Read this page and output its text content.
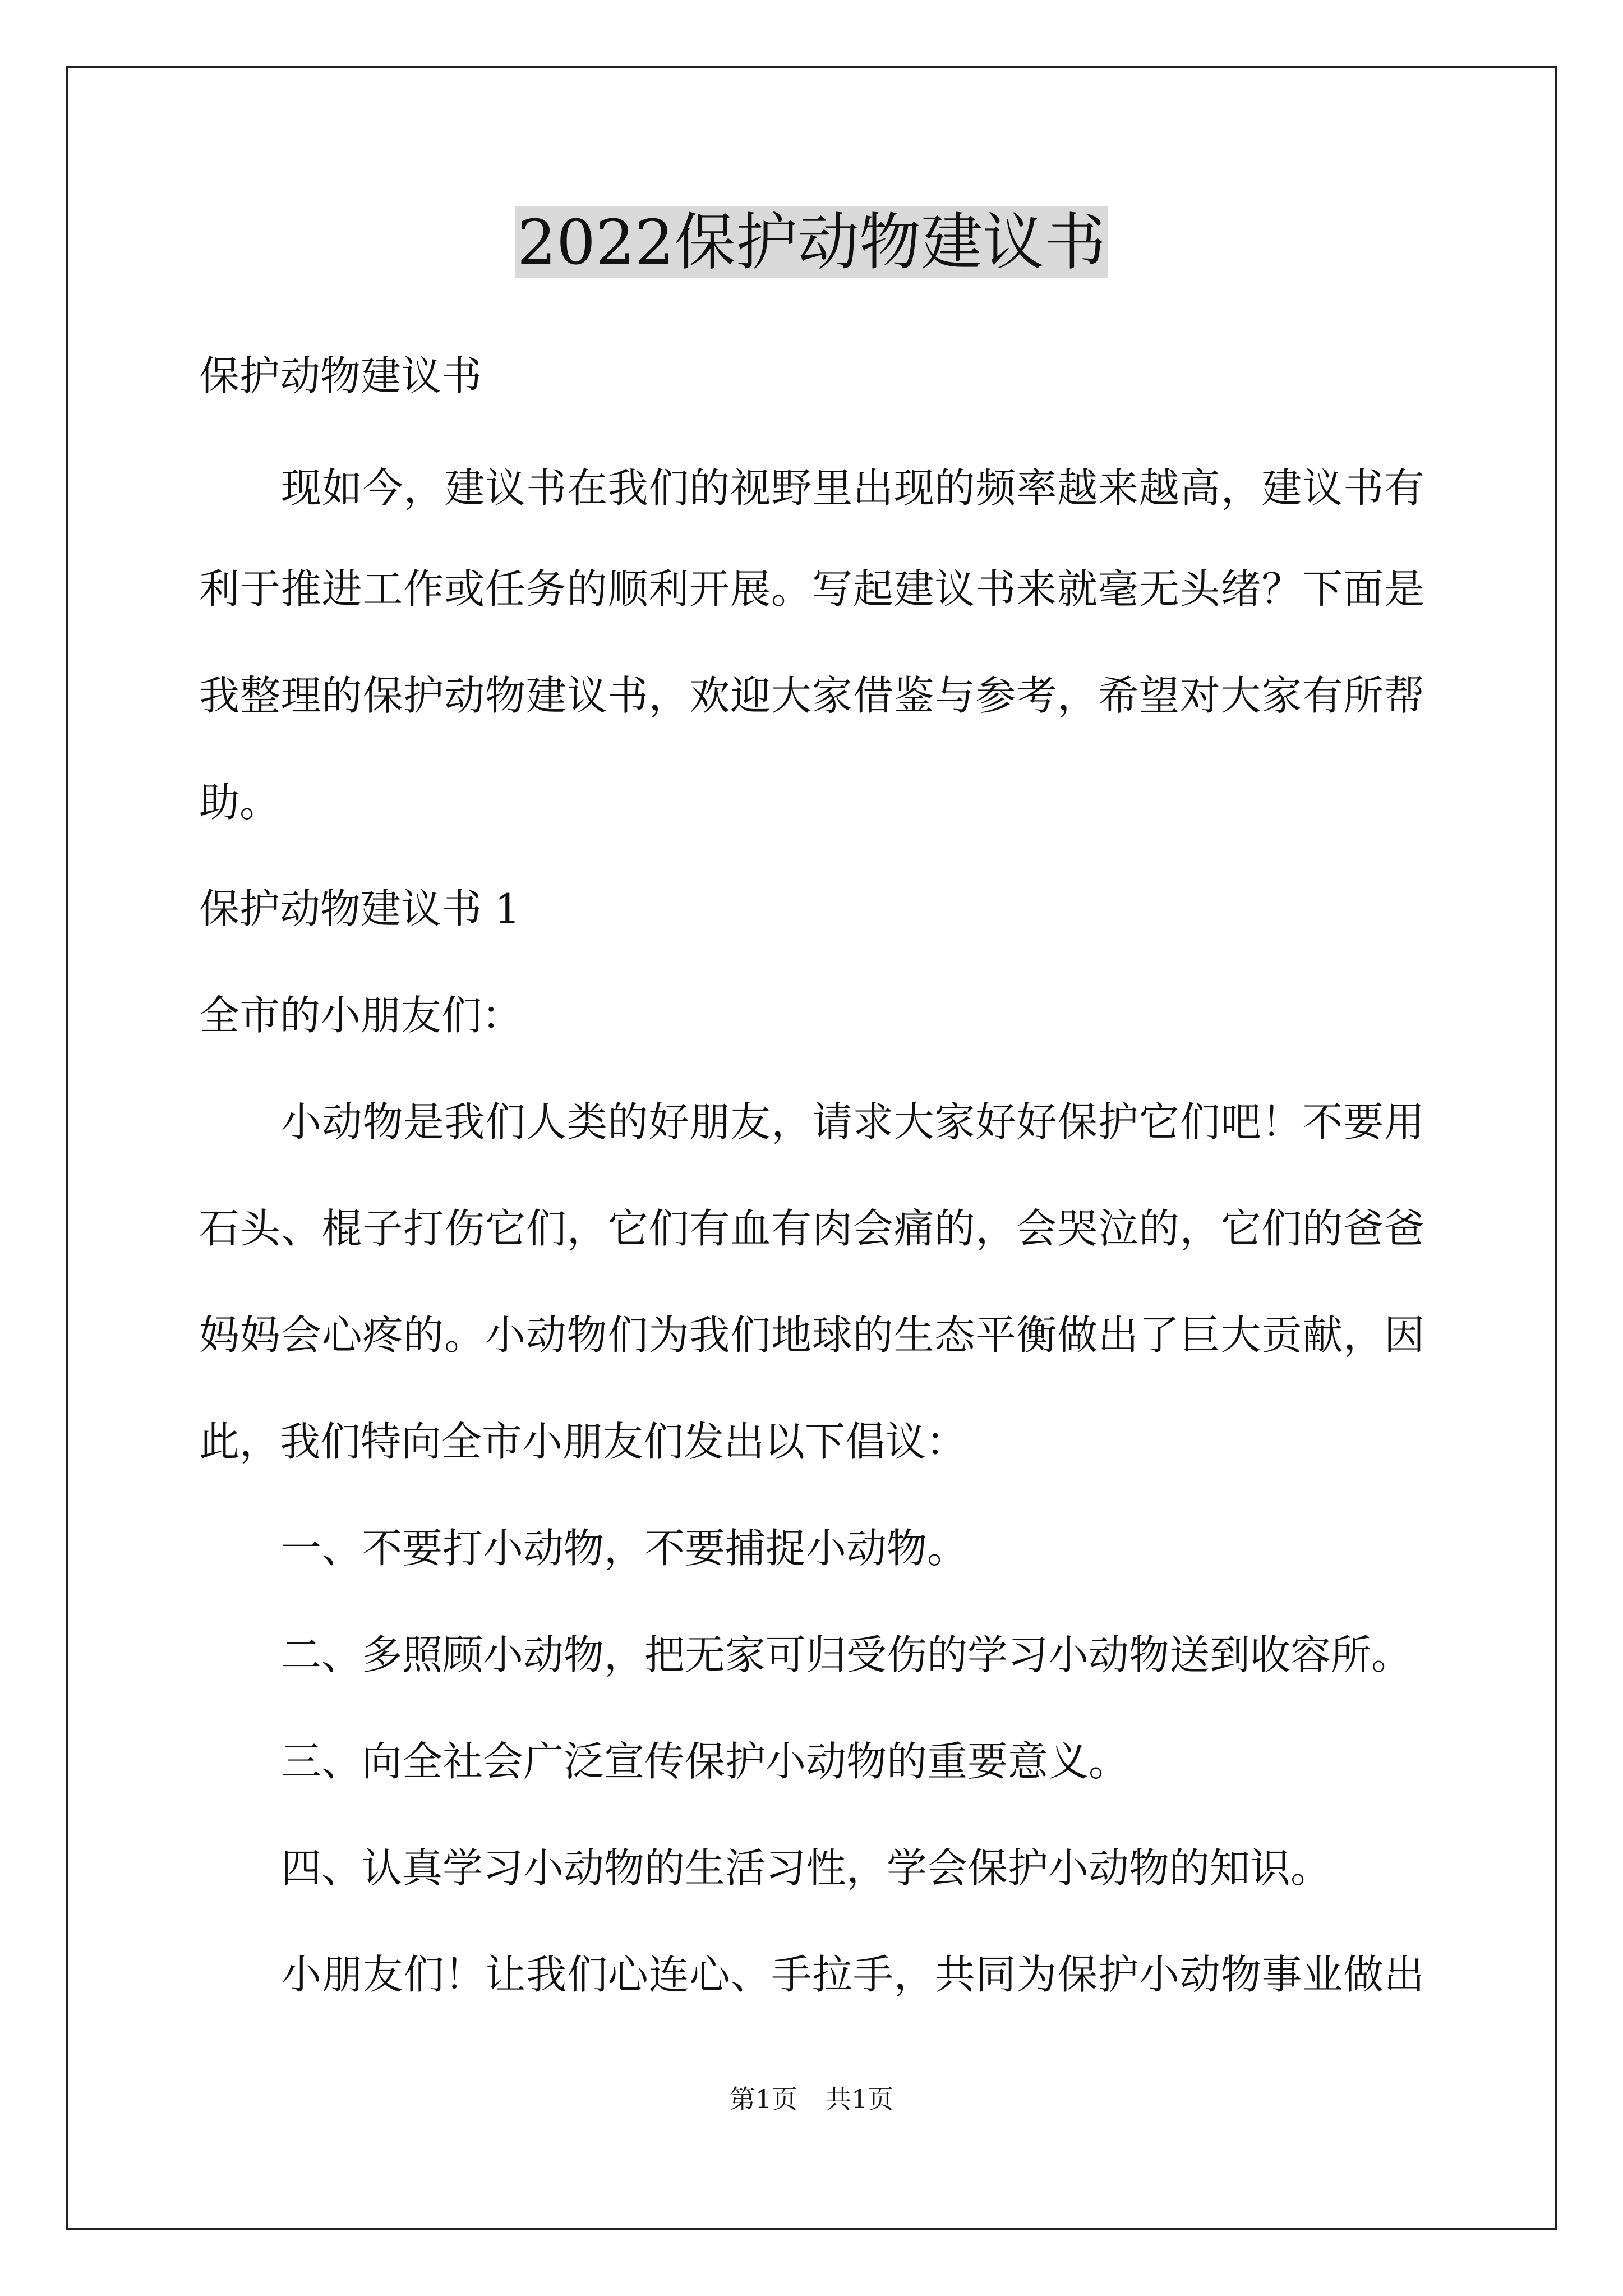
2022保护动物建议书

保护动物建议书

现如今，建议书在我们的视野里出现的频率越来越高，建议书有

利于推进工作或任务的顺利开展。写起建议书来就毫无头绪？下面是

我整理的保护动物建议书，欢迎大家借鉴与参考，希望对大家有所帮

助。

保护动物建议书 1

全市的小朋友们：

小动物是我们人类的好朋友，请求大家好好保护它们吧！不要用

石头、棍子打伤它们，它们有血有肉会痛的，会哭泣的，它们的爸爸

妈妈会心疼的。小动物们为我们地球的生态平衡做出了巨大贡献，因

此，我们特向全市小朋友们发出以下倡议：

一、不要打小动物，不要捕捉小动物。

二、多照顾小动物，把无家可归受伤的学习小动物送到收容所。

三、向全社会广泛宣传保护小动物的重要意义。

四、认真学习小动物的生活习性，学会保护小动物的知识。

小朋友们！让我们心连心、手拉手，共同为保护小动物事业做出

第1页 共1页
